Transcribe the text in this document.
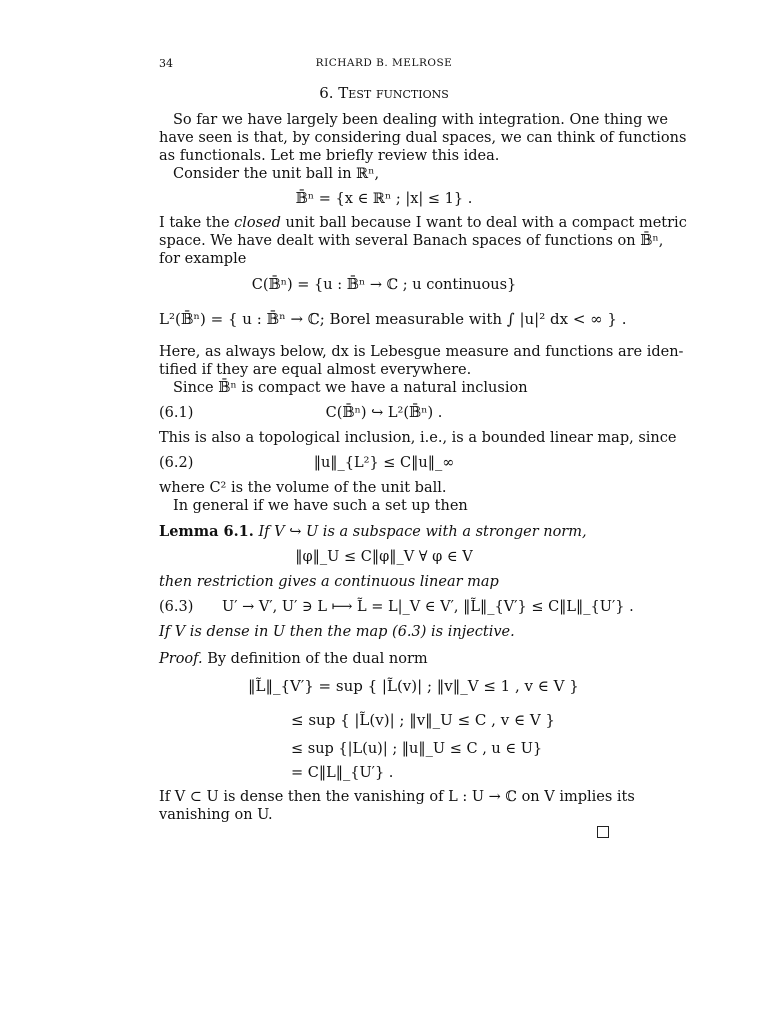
34	RICHARD B. MELROSE
6. Test functions
So far we have largely been dealing with integration. One thing we
have seen is that, by considering dual spaces, we can think of functions
as functionals. Let me briefly review this idea.
Consider the unit ball in ℝⁿ,
𝔹̄ⁿ = {x ∈ ℝⁿ ; |x| ≤ 1} .
I take the closed unit ball because I want to deal with a compact metric
space. We have dealt with several Banach spaces of functions on 𝔹̄ⁿ,
for example
C(𝔹̄ⁿ) = {u : 𝔹̄ⁿ → ℂ ; u continuous}
L²(𝔹̄ⁿ) = { u : 𝔹̄ⁿ → ℂ; Borel measurable with ∫ |u|² dx < ∞ } .
Here, as always below, dx is Lebesgue measure and functions are iden-
tified if they are equal almost everywhere.
Since 𝔹̄ⁿ is compact we have a natural inclusion
(6.1)	C(𝔹̄ⁿ) ↪ L²(𝔹̄ⁿ) .
This is also a topological inclusion, i.e., is a bounded linear map, since
(6.2)	‖u‖_{L²} ≤ C‖u‖_∞
where C² is the volume of the unit ball.
In general if we have such a set up then
Lemma 6.1. If V ↪ U is a subspace with a stronger norm,
‖φ‖_U ≤ C‖φ‖_V ∀ φ ∈ V
then restriction gives a continuous linear map
(6.3) U′ → V′, U′ ∋ L ⟼ L̃ = L|_V ∈ V′, ‖L̃‖_{V′} ≤ C‖L‖_{U′} .
If V is dense in U then the map (6.3) is injective.
Proof. By definition of the dual norm
‖L̃‖_{V′} = sup { |L̃(v)| ; ‖v‖_V ≤ 1 , v ∈ V }
≤ sup { |L̃(v)| ; ‖v‖_U ≤ C , v ∈ V }
≤ sup {|L(u)| ; ‖u‖_U ≤ C , u ∈ U}
= C‖L‖_{U′} .
If V ⊂ U is dense then the vanishing of L : U → ℂ on V implies its
vanishing on U.
